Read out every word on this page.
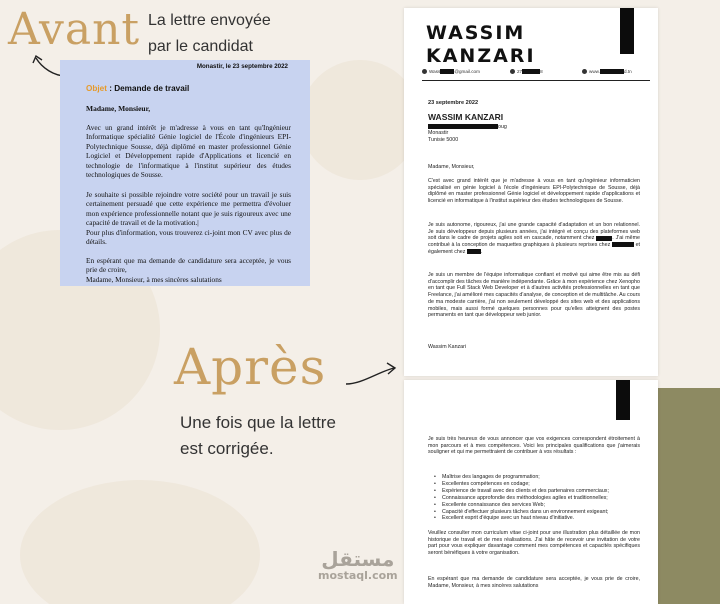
Avant La lettre envoyée
par le candidat
Monastir, le 23 septembre 2022
Objet : Demande de travail
Madame, Monsieur,
Avec un grand intérêt je m'adresse à vous en tant qu'Ingénieur Informatique spécialité Génie logiciel de l'École d'ingénieurs EPI-Polytechnique Sousse, déjà diplômé en master professionnel Génie Logiciel et Développement rapide d'Applications et licencié en technologie de l'informatique à l'institut supérieur des études technologiques de Sousse.
Je souhaite si possible rejoindre votre société pour un travail je suis certainement persuadé que cette expérience me permettra d'évoluer mon expérience professionnelle notant que je suis rigoureux avec une capacité de travail et de la motivation.|
Pour plus d'information, vous trouverez ci-joint mon CV avec plus de détails.
En espérant que ma demande de candidature sera acceptée, je vous prie de croire,
Madame, Monsieur, à mes sincères salutations
Après
Une fois que la lettre
est corrigée.
WASSIM
KANZARI
Wass	@gmail.com	27	8	www.	d.tn
23 septembre 2022
WASSIM KANZARI
oug
Monastir
Tunisie 5000
Madame, Monsieur,
C'est avec grand intérêt que je m'adresse à vous en tant qu'ingénieur informaticien spécialisé en génie logiciel à l'école d'ingénieurs EPI-Polytechnique de Sousse, déjà diplômé en master professionnel Génie logiciel et développement rapide d'applications et licencié en informatique à l'institut supérieur des études technologiques de Sousse.
Je suis autonome, rigoureux, j'ai une grande capacité d'adaptation et un bon relationnel. Je suis développeur depuis plusieurs années, j'ai intégré et conçu des plateformes web soit dans le cadre de projets agiles soit en cascade, notamment chez	. J'ai même contribué à la conception de maquettes graphiques à plusieurs reprises chez	et également chez	.
Je suis un membre de l'équipe informatique confiant et motivé qui aime être mis au défi d'accomplir des tâches de manière indépendante. Grâce à mon expérience chez Xenopho en tant que Full Stack Web Developer et à d'autres activités professionnelles en tant que Freelance, j'ai amélioré mes capacités d'analyse, de conception et de multitâche. Au cours de ma modeste carrière, j'ai non seulement développé des sites web et des applications mobiles, mais aussi formé quelques personnes pour qu'elles atteignent des postes permanents en tant que développeur web junior.
Wassim Kanzari
Je suis très heureux de vous annoncer que vos exigences correspondent étroitement à mon parcours et à mes compétences. Voici les principales qualifications que j'aimerais souligner et qui me permettraient de contribuer à vos résultats :
• Maîtrise des langages de programmation;
• Excellentes compétences en codage;
• Expérience de travail avec des clients et des partenaires commerciaux;
• Connaissance approfondie des méthodologies agiles et traditionnelles;
• Excellente connaissance des services Web;
• Capacité d'effectuer plusieurs tâches dans un environnement exigeant;
• Excellent esprit d'équipe avec un haut niveau d'initiative.
Veuillez consulter mon curriculum vitae ci-joint pour une illustration plus détaillée de mon historique de travail et de mes réalisations. J'ai hâte de recevoir une invitation de votre part pour vous expliquer davantage comment mes compétences et capacités spécifiques seront bénéfiques à votre organisation.
En espérant que ma demande de candidature sera acceptée, je vous prie de croire, Madame, Monsieur, à mes sincères salutations
مستقل
mostaql.com
